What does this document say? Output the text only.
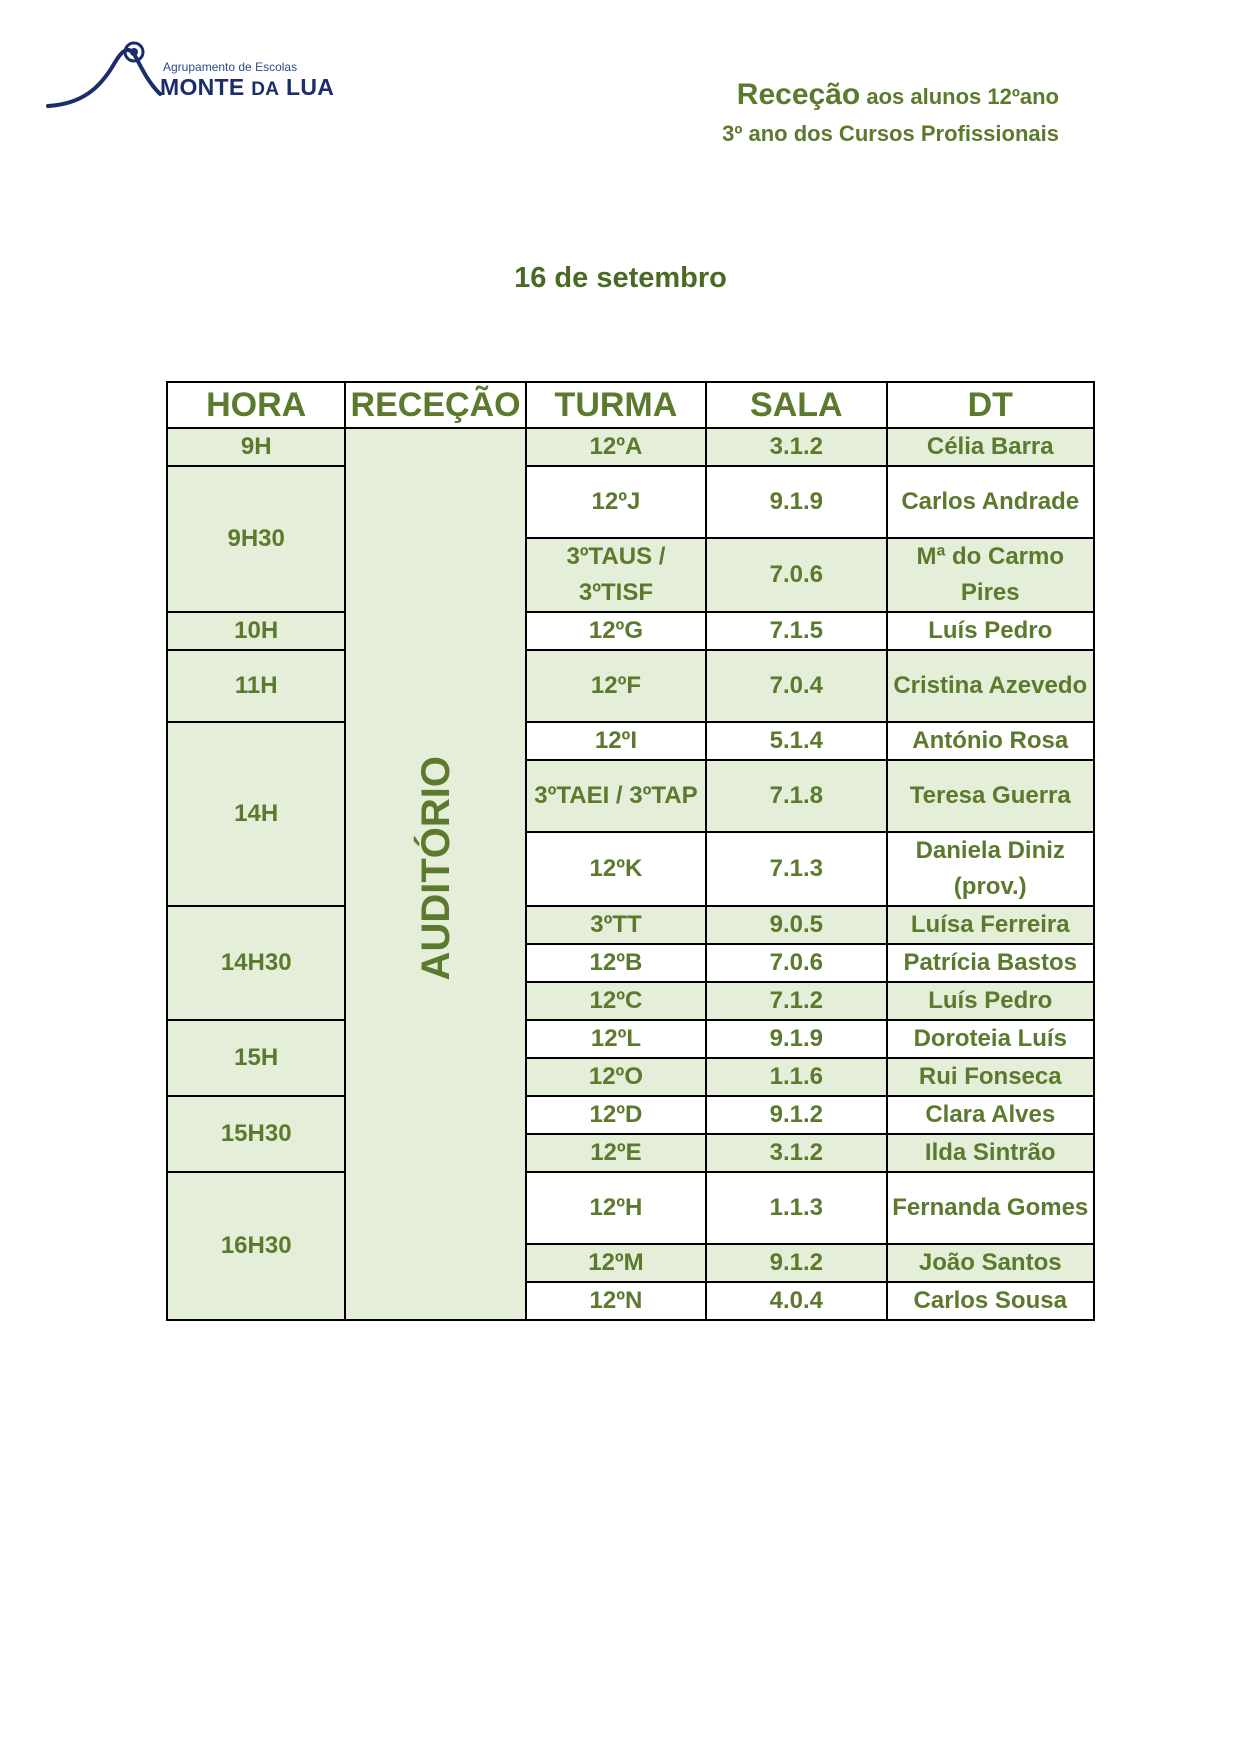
Agrupamento de Escolas
MONTE DA LUA	Receção aos alunos 12ºano
3º ano dos Cursos Profissionais
16 de setembro
HORA	RECEÇÃO	TURMA	SALA	DT
9H	AUDITÓRIO	12ºA	3.1.2	Célia Barra
9H30		12ºJ	9.1.9	Carlos Andrade
		3ºTAUS / 3ºTISF	7.0.6	Mª do Carmo Pires
10H		12ºG	7.1.5	Luís Pedro
11H		12ºF	7.0.4	Cristina Azevedo
14H		12ºI	5.1.4	António Rosa
		3ºTAEI / 3ºTAP	7.1.8	Teresa Guerra
		12ºK	7.1.3	Daniela Diniz (prov.)
14H30		3ºTT	9.0.5	Luísa Ferreira
		12ºB	7.0.6	Patrícia Bastos
		12ºC	7.1.2	Luís Pedro
15H		12ºL	9.1.9	Doroteia Luís
		12ºO	1.1.6	Rui Fonseca
15H30		12ºD	9.1.2	Clara Alves
		12ºE	3.1.2	Ilda Sintrão
16H30		12ºH	1.1.3	Fernanda Gomes
		12ºM	9.1.2	João Santos
		12ºN	4.0.4	Carlos Sousa
